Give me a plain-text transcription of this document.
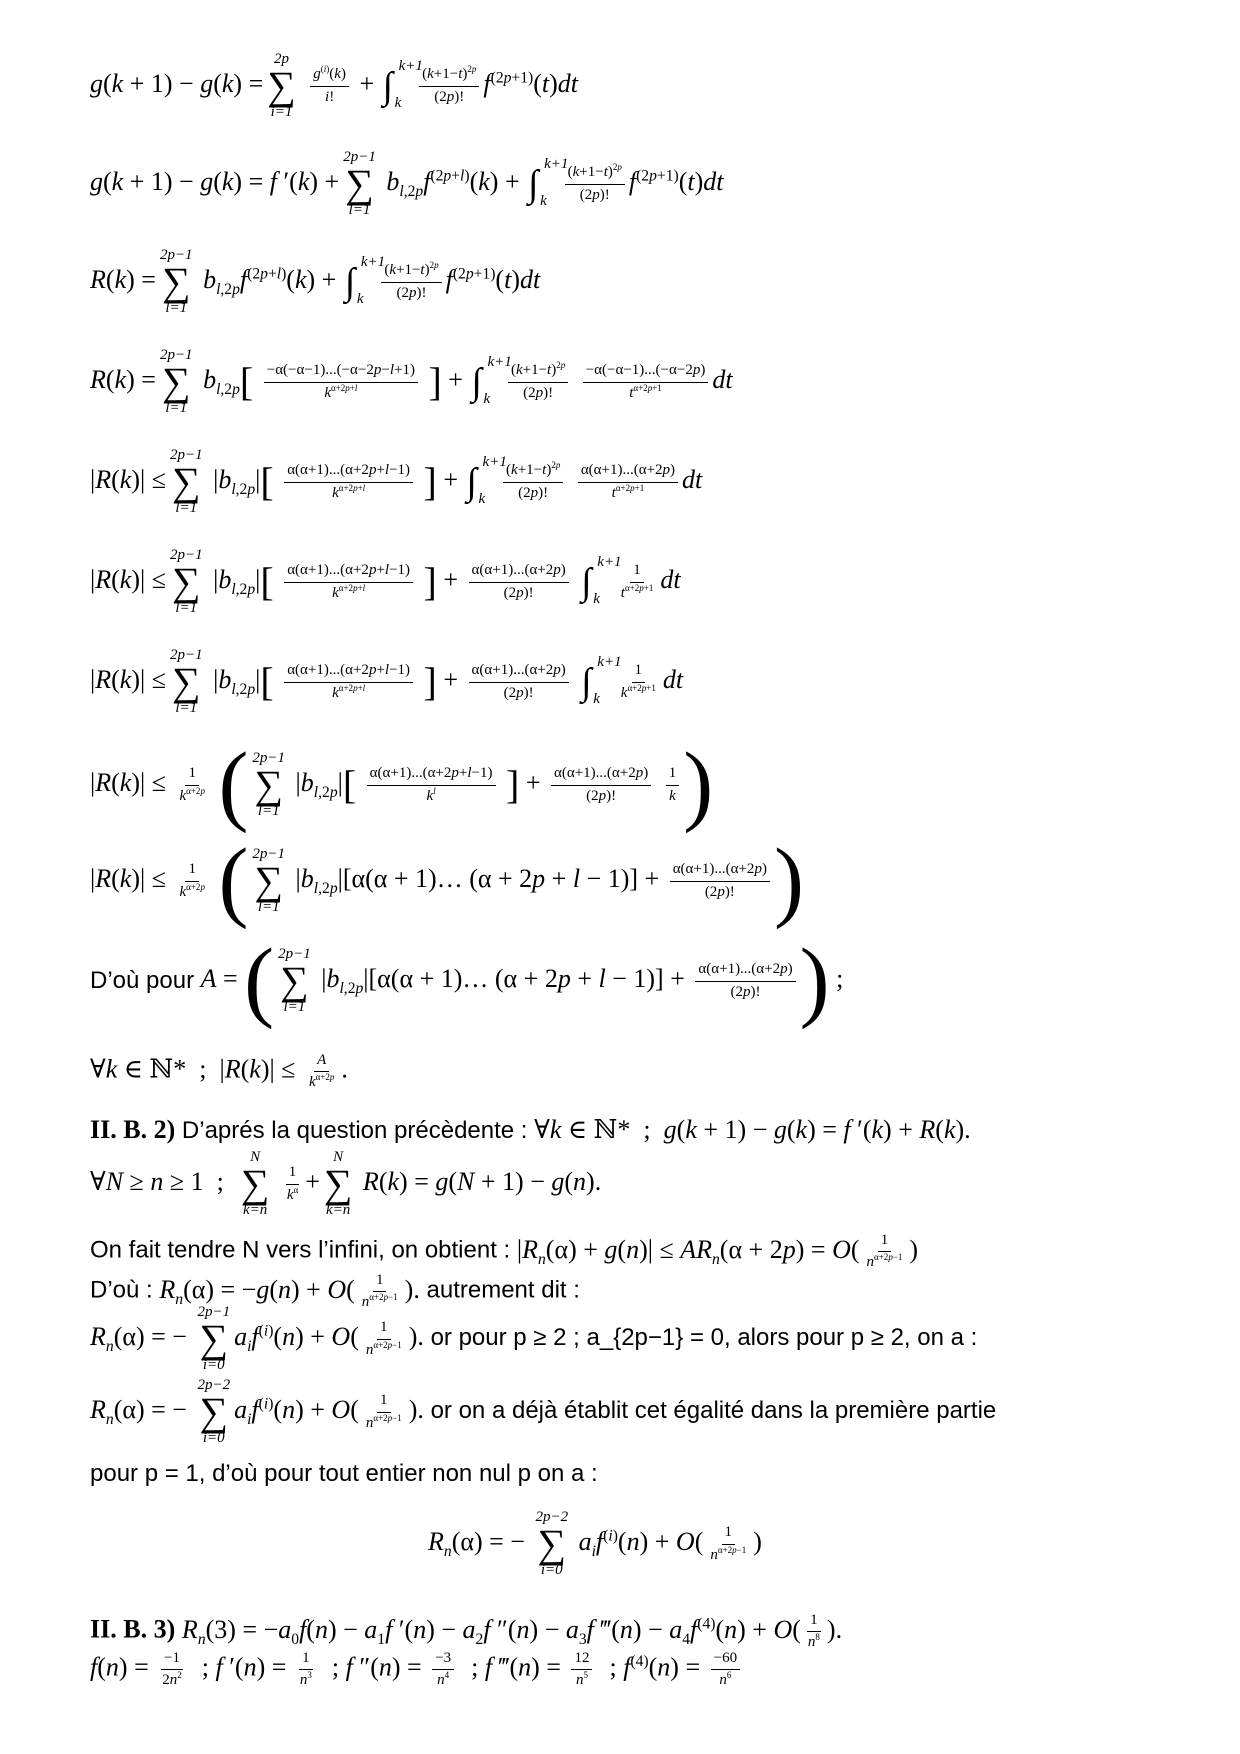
g(k + 1) − g(k) =
2p
∑
i=1

$\frac{g^{(i)}(k)}{i!}$ + ∫ k+1
k
$\frac{(k+1-t)^{2p}}{(2p)!} f^{(2p+1)}(t)dt$
g(k + 1) − g(k) = f ′(k) +
2p−1
∑
l=1
$b_{l,2p}f^{(2p+l)}(k)$ + ∫ k+1
k
$\frac{(k+1-t)^{2p}}{(2p)!} f^{(2p+1)}(t)dt$
R(k) =
2p−1
∑
l=1
$b_{l,2p}f^{(2p+l)}(k)$ + ∫ k+1
k
$\frac{(k+1-t)^{2p}}{(2p)!} f^{(2p+1)}(t)dt$
R(k) =
2p−1
∑
l=1
$b_{l,2p}[ \frac{-\alpha(-\alpha-1)...(-\alpha-2p-l+1)}{k^{\alpha+2p+l}}$ ] + ∫ k+1
k
$\frac{(k+1-t)^{2p}}{(2p)!}$
$\frac{-\alpha(-\alpha-1)...(-\alpha-2p)}{t^{\alpha+2p+1}}$ dt
|R(k)| ≤
2p−1
∑
l=1
$|b_{l,2p}|[ \frac{\alpha(\alpha+1)...(\alpha+2p+l-1)}{k^{\alpha+2p+l}}$ ] + ∫ k+1
k
$\frac{(k+1-t)^{2p}}{(2p)!}$
$\frac{\alpha(\alpha+1)...(\alpha+2p)}{t^{\alpha+2p+1}}$ dt
|R(k)| ≤
2p−1
∑
l=1
$|b_{l,2p}|[ \frac{\alpha(\alpha+1)...(\alpha+2p+l-1)}{k^{\alpha+2p+l}}$ ] + $\frac{\alpha(\alpha+1)...(\alpha+2p)}{(2p)!}$ ∫ k+1
k
$\frac{1}{t^{\alpha+2p+1}}$ dt
|R(k)| ≤
2p−1
∑
l=1
$|b_{l,2p}|[ \frac{\alpha(\alpha+1)...(\alpha+2p+l-1)}{k^{\alpha+2p+l}}$ ] + $\frac{\alpha(\alpha+1)...(\alpha+2p)}{(2p)!}$ ∫ k+1
k
$\frac{1}{k^{\alpha+2p+1}}$ dt
$|R(k)| \le \frac{1}{k^{\alpha+2p}}$ ( 2p−1
∑
l=1
$|b_{l,2p}|[ \frac{\alpha(\alpha+1)...(\alpha+2p+l-1)}{k^l}$ ] + $\frac{\alpha(\alpha+1)...(\alpha+2p)}{(2p)!}$
$\frac{1}{k}$ )
$|R(k)| \le \frac{1}{k^{\alpha+2p}}$ ( 2p−1
∑
l=1
$|b_{l,2p}|[\alpha(\alpha$ + 1)… $(\alpha + 2p + l - 1)] + \frac{\alpha(\alpha+1)...(\alpha+2p)}{(2p)!}$ )
D’où pour A = ( 2p−1
∑
l=1
$|b_{l,2p}|[\alpha(\alpha$ + 1)… $(\alpha + 2p + l - 1)] + \frac{\alpha(\alpha+1)...(\alpha+2p)}{(2p)!}$ ) ;
∀k ∈ ℕ*  ;  $|R(k)| \le \frac{A}{k^{\alpha+2p}}$ .
II. B. 2) D’aprés la question précèdente : ∀k ∈ ℕ*  ;  g(k + 1) − g(k) = f ′(k) + R(k).
∀N ≥ n ≥ 1  ;
N
∑
k=n

$\frac{1}{k^\alpha}$ +
N
∑
k=n
R(k) = g(N + 1) − g(n).
On fait tendre N vers l’infini, on obtient : $|R_n(\alpha) + g(n)| \le AR_n(\alpha + 2p) = O( \frac{1}{n^{\alpha+2p-1}}$ )
D’où : $R_n(\alpha) = -g(n) + O( \frac{1}{n^{\alpha+2p-1}}$ ). autrement dit :
$R_n(\alpha)$ = −
2p−1
∑
i=0
$a_if^{(i)}(n) + O( \frac{1}{n^{\alpha+2p-1}}$ ). or pour p ≥ 2 ; a_{2p−1} = 0, alors pour p ≥ 2, on a :
$R_n(\alpha)$ = −
2p−2
∑
i=0
$a_if^{(i)}(n) + O( \frac{1}{n^{\alpha+2p-1}}$ ). or on a déjà établit cet égalité dans la première partie
pour p = 1, d’où pour tout entier non nul p on a :
$R_n(\alpha)$ = −
2p−2
∑
i=0
$a_if^{(i)}(n) + O( \frac{1}{n^{\alpha+2p-1}}$ )
II. B. 3) $R_n(3) = -a_0f(n) - a_1f$ $'(n) - a_2f$ $''(n) - a_3f$ ‴(n) − $a_4f^{(4)}(n) + O( \frac{1}{n^8}$ ).
$f(n) = \frac{-1}{2n^2}$ ; f $'(n) = \frac{1}{n^3}$ ; f $''(n) = \frac{-3}{n^4}$ ; f ‴(n) = $\frac{12}{n^5}$ ; $f^{(4)}(n) = \frac{-60}{n^6}$
